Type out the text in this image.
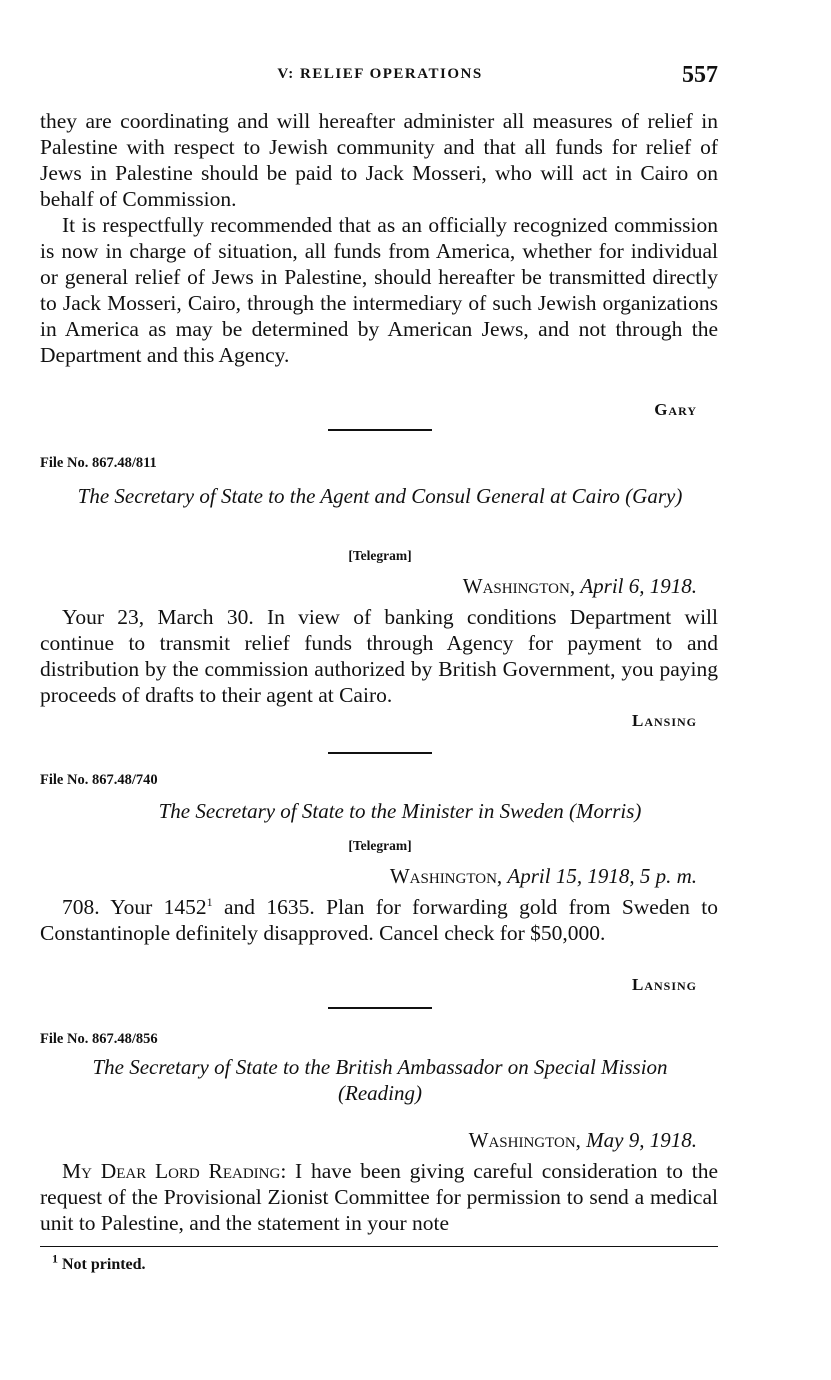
V: RELIEF OPERATIONS	557
they are coordinating and will hereafter administer all measures of relief in Palestine with respect to Jewish community and that all funds for relief of Jews in Palestine should be paid to Jack Mosseri, who will act in Cairo on behalf of Commission.
It is respectfully recommended that as an officially recognized commission is now in charge of situation, all funds from America, whether for individual or general relief of Jews in Palestine, should hereafter be transmitted directly to Jack Mosseri, Cairo, through the intermediary of such Jewish organizations in America as may be determined by American Jews, and not through the Department and this Agency.
Gary
File No. 867.48/811
The Secretary of State to the Agent and Consul General at Cairo (Gary)
[Telegram]
Washington, April 6, 1918.
Your 23, March 30. In view of banking conditions Department will continue to transmit relief funds through Agency for payment to and distribution by the commission authorized by British Government, you paying proceeds of drafts to their agent at Cairo.
Lansing
File No. 867.48/740
The Secretary of State to the Minister in Sweden (Morris)
[Telegram]
Washington, April 15, 1918, 5 p. m.
708. Your 1452$^1$ and 1635. Plan for forwarding gold from Sweden to Constantinople definitely disapproved. Cancel check for $50,000.
Lansing
File No. 867.48/856
The Secretary of State to the British Ambassador on Special Mission (Reading)
Washington, May 9, 1918.
My Dear Lord Reading: I have been giving careful consideration to the request of the Provisional Zionist Committee for permission to send a medical unit to Palestine, and the statement in your note
$^1$ Not printed.
